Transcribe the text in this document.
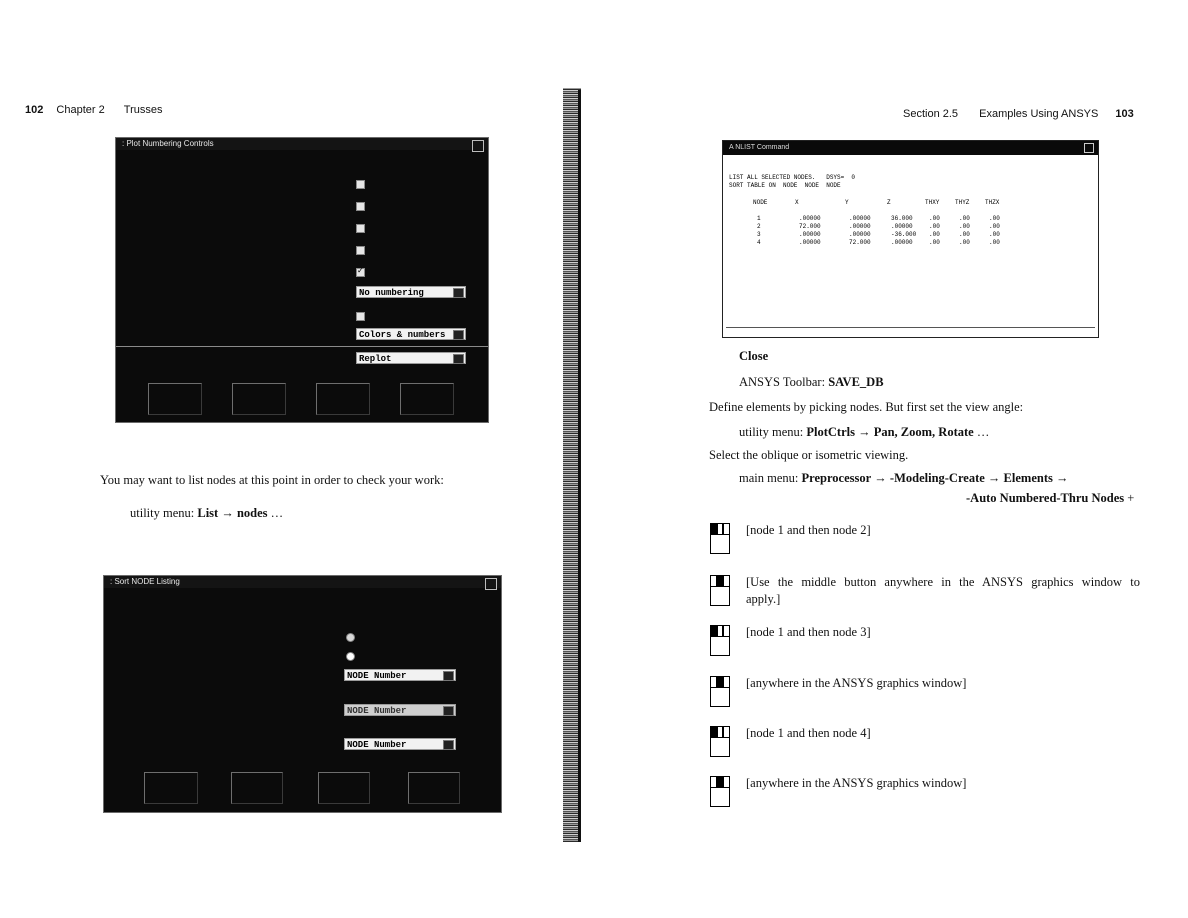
102 Chapter 2 Trusses
: Plot Numbering Controls
✓
No numbering
Colors & numbers
Replot
You may want to list nodes at this point in order to check your work:
utility menu: List → nodes …
: Sort NODE Listing
NODE Number
NODE Number
NODE Number
Section 2.5 Examples Using ANSYS 103
A NLIST Command
LIST ALL SELECTED NODES.   DSYS=  0
SORT TABLE ON  NODE  NODE  NODE
NODE	X	Y	Z	THXY	THYZ	THZX
1	.00000	.00000	36.000	.00	.00	.00
2	72.000	.00000	.00000	.00	.00	.00
3	.00000	.00000	-36.000 .00	.00	.00
4	.00000	72.000	.00000	.00	.00	.00
Close
ANSYS Toolbar: SAVE_DB
Define elements by picking nodes. But first set the view angle:
utility menu: PlotCtrls → Pan, Zoom, Rotate …
Select the oblique or isometric viewing.
main menu: Preprocessor → -Modeling-Create → Elements →
-Auto Numbered-Thru Nodes +
[node 1 and then node 2]
[Use the middle button anywhere in the ANSYS graphics window to
apply.]
[node 1 and then node 3]
[anywhere in the ANSYS graphics window]
[node 1 and then node 4]
[anywhere in the ANSYS graphics window]
